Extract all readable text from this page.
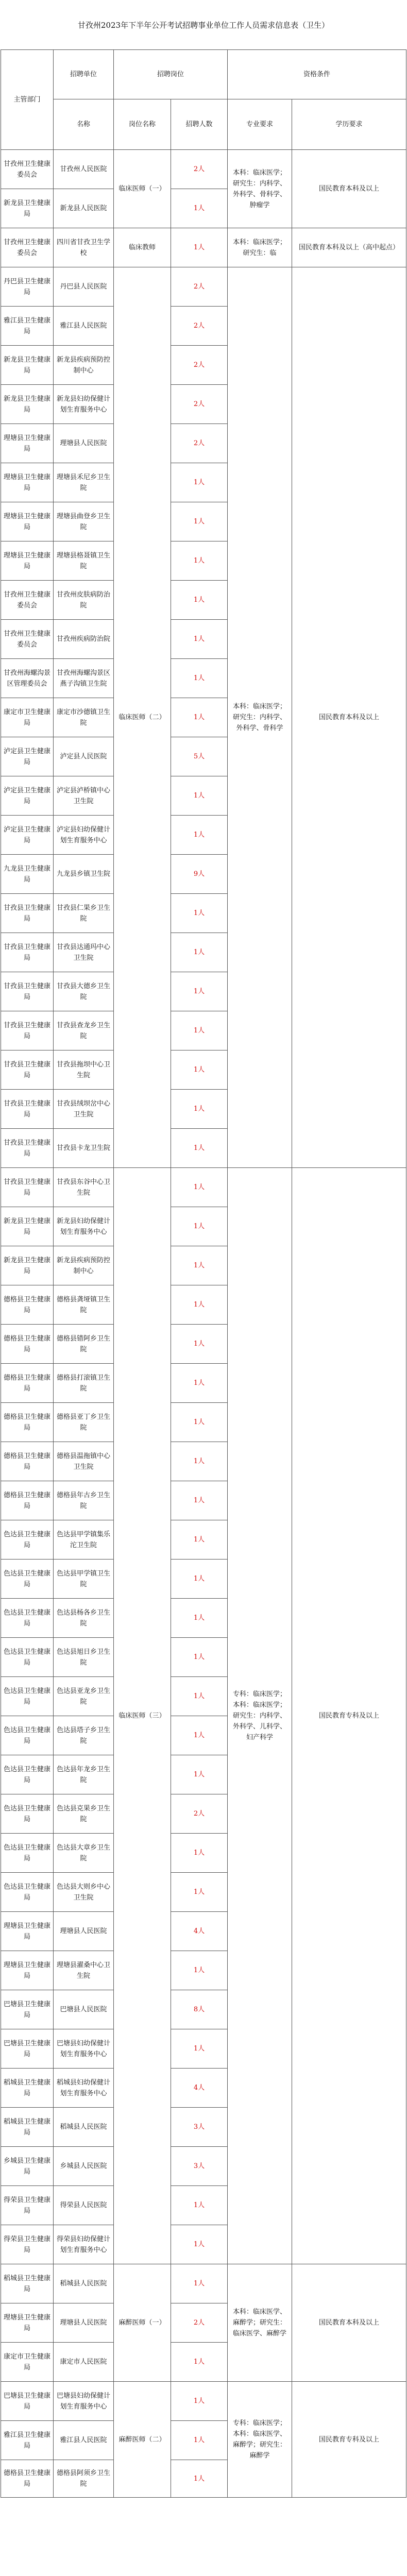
甘孜州2023年下半年公开考试招聘事业单位工作人员需求信息表（卫生）
主管部门	招聘单位	招聘岗位		资格条件	
	名称	岗位名称	招聘人数	专业要求	学历要求
甘孜州卫生健康委员会	甘孜州人民医院	临床医师（一）	2人	本科：临床医学；研究生：内科学、外科学、骨科学、肿瘤学	国民教育本科及以上
新龙县卫生健康局	新龙县人民医院		1人		
甘孜州卫生健康委员会	四川省甘孜卫生学校	临床教师	1人	本科：临床医学；研究生：临	国民教育本科及以上（高中起点）
丹巴县卫生健康局	丹巴县人民医院	临床医师（二）	2人	本科：临床医学；研究生：内科学、外科学、骨科学	国民教育本科及以上
雅江县卫生健康局	雅江县人民医院		2人		
新龙县卫生健康局	新龙县疾病预防控制中心		2人		
新龙县卫生健康局	新龙县妇幼保健计划生育服务中心		2人		
理塘县卫生健康局	理塘县人民医院		2人		
理塘县卫生健康局	理塘县禾尼乡卫生院		1人		
理塘县卫生健康局	理塘县曲登乡卫生院		1人		
理塘县卫生健康局	理塘县格聂镇卫生院		1人		
甘孜州卫生健康委员会	甘孜州皮肤病防治院		1人		
甘孜州卫生健康委员会	甘孜州疾病防治院		1人		
甘孜州海螺沟景区管理委员会	甘孜州海螺沟景区燕子沟镇卫生院		1人		
康定市卫生健康局	康定市沙德镇卫生院		1人		
泸定县卫生健康局	泸定县人民医院		5人		
泸定县卫生健康局	泸定县泸桥镇中心卫生院		1人		
泸定县卫生健康局	泸定县妇幼保健计划生育服务中心		1人		
九龙县卫生健康局	九龙县乡镇卫生院		9人		
甘孜县卫生健康局	甘孜县仁果乡卫生院		1人		
甘孜县卫生健康局	甘孜县达通玛中心卫生院		1人		
甘孜县卫生健康局	甘孜县大德乡卫生院		1人		
甘孜县卫生健康局	甘孜县查龙乡卫生院		1人		
甘孜县卫生健康局	甘孜县拖坝中心卫生院		1人		
甘孜县卫生健康局	甘孜县绒坝岔中心卫生院		1人		
甘孜县卫生健康局	甘孜县卡龙卫生院		1人		
甘孜县卫生健康局	甘孜县东谷中心卫生院	临床医师（三）	1人	专科：临床医学；本科：临床医学；研究生：内科学、外科学、儿科学、妇产科学	国民教育专科及以上
新龙县卫生健康局	新龙县妇幼保健计划生育服务中心		1人		
新龙县卫生健康局	新龙县疾病预防控制中心		1人		
德格县卫生健康局	德格县龚垭镇卫生院		1人		
德格县卫生健康局	德格县错阿乡卫生院		1人		
德格县卫生健康局	德格县打滚镇卫生院		1人		
德格县卫生健康局	德格县亚丁乡卫生院		1人		
德格县卫生健康局	德格县温拖镇中心卫生院		1人		
德格县卫生健康局	德格县年古乡卫生院		1人		
色达县卫生健康局	色达县甲学镇集乐沱卫生院		1人		
色达县卫生健康局	色达县甲学镇卫生院		1人		
色达县卫生健康局	色达县杨各乡卫生院		1人		
色达县卫生健康局	色达县旭日乡卫生院		1人		
色达县卫生健康局	色达县亚龙乡卫生院		1人		
色达县卫生健康局	色达县塔子乡卫生院		1人		
色达县卫生健康局	色达县年龙乡卫生院		1人		
色达县卫生健康局	色达县克果乡卫生院		2人		
色达县卫生健康局	色达县大章乡卫生院		1人		
色达县卫生健康局	色达县大则乡中心卫生院		1人		
理塘县卫生健康局	理塘县人民医院		4人		
理塘县卫生健康局	理塘县濯桑中心卫生院		1人		
巴塘县卫生健康局	巴塘县人民医院		8人		
巴塘县卫生健康局	巴塘县妇幼保健计划生育服务中心		1人		
稻城县卫生健康局	稻城县妇幼保健计划生育服务中心		4人		
稻城县卫生健康局	稻城县人民医院		3人		
乡城县卫生健康局	乡城县人民医院		3人		
得荣县卫生健康局	得荣县人民医院		1人		
得荣县卫生健康局	得荣县妇幼保健计划生育服务中心		1人		
稻城县卫生健康局	稻城县人民医院	麻醉医师（一）	1人	本科：临床医学、麻醉学；研究生：临床医学、麻醉学	国民教育本科及以上
理塘县卫生健康局	理塘县人民医院		2人		
康定市卫生健康局	康定市人民医院		1人		
巴塘县卫生健康局	巴塘县妇幼保健计划生育服务中心	麻醉医师（二）	1人	专科：临床医学；本科：临床医学、麻醉学；研究生：麻醉学	国民教育专科及以上
雅江县卫生健康局	雅江县人民医院		1人		
德格县卫生健康局	德格县阿须乡卫生院		1人		
